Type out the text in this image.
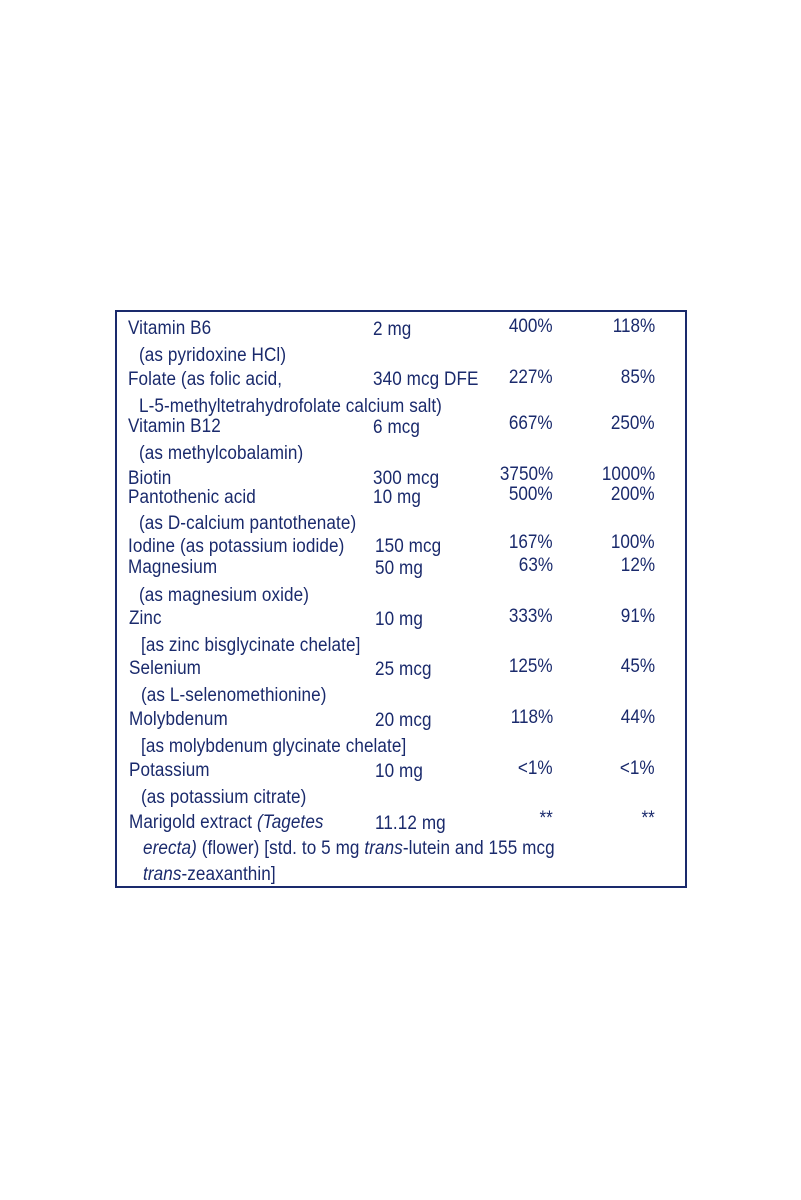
Vitamin B6	2 mg	400%	118%
(as pyridoxine HCl)
Folate (as folic acid,	340 mcg DFE 227%	85%
L-5-methyltetrahydrofolate calcium salt)
Vitamin B12	6 mcg	667%	250%
(as methylcobalamin)
Biotin	300 mcg	3750%	1000%
Pantothenic acid	10 mg	500%	200%
(as D-calcium pantothenate)
Iodine (as potassium iodide) 150 mcg	167%	100%
Magnesium	50 mg	63%	12%
(as magnesium oxide)
Zinc	10 mg	333%	91%
[as zinc bisglycinate chelate]
Selenium	25 mcg	125%	45%
(as L-selenomethionine)
Molybdenum	20 mcg	118%	44%
[as molybdenum glycinate chelate]
Potassium	10 mg	<1%	<1%
(as potassium citrate)
Marigold extract (Tagetes	11.12 mg	**	**
erecta) (flower) [std. to 5 mg trans-lutein and 155 mcg
trans-zeaxanthin]
